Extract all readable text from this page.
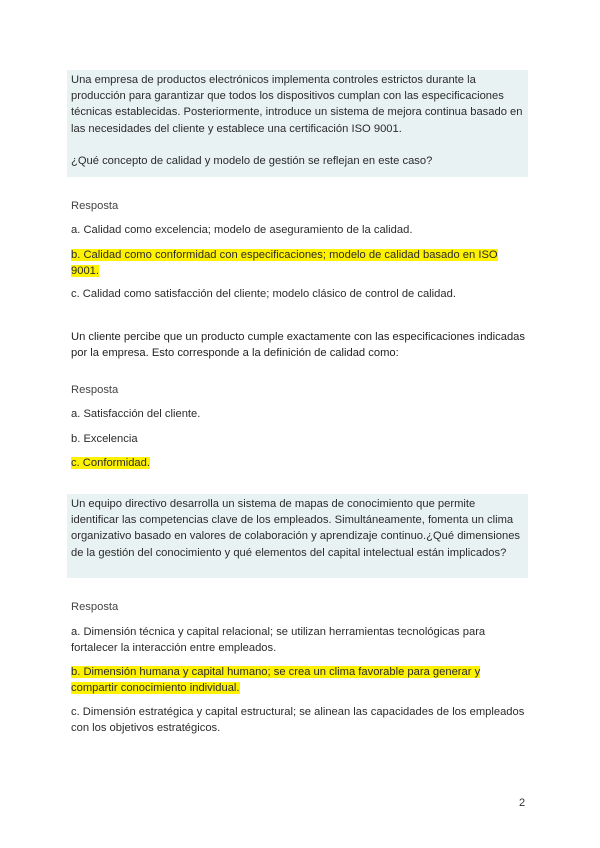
Una empresa de productos electrónicos implementa controles estrictos durante la producción para garantizar que todos los dispositivos cumplan con las especificaciones técnicas establecidas. Posteriormente, introduce un sistema de mejora continua basado en las necesidades del cliente y establece una certificación ISO 9001.

¿Qué concepto de calidad y modelo de gestión se reflejan en este caso?

Resposta

a. Calidad como excelencia; modelo de aseguramiento de la calidad.

b. Calidad como conformidad con especificaciones; modelo de calidad basado en ISO 9001.

c. Calidad como satisfacción del cliente; modelo clásico de control de calidad.

Un cliente percibe que un producto cumple exactamente con las especificaciones indicadas por la empresa. Esto corresponde a la definición de calidad como:

Resposta

a. Satisfacción del cliente.

b. Excelencia

c. Conformidad.

Un equipo directivo desarrolla un sistema de mapas de conocimiento que permite identificar las competencias clave de los empleados. Simultáneamente, fomenta un clima organizativo basado en valores de colaboración y aprendizaje continuo.¿Qué dimensiones de la gestión del conocimiento y qué elementos del capital intelectual están implicados?

Resposta

a. Dimensión técnica y capital relacional; se utilizan herramientas tecnológicas para fortalecer la interacción entre empleados.

b. Dimensión humana y capital humano; se crea un clima favorable para generar y compartir conocimiento individual.

c. Dimensión estratégica y capital estructural; se alinean las capacidades de los empleados con los objetivos estratégicos.

2
